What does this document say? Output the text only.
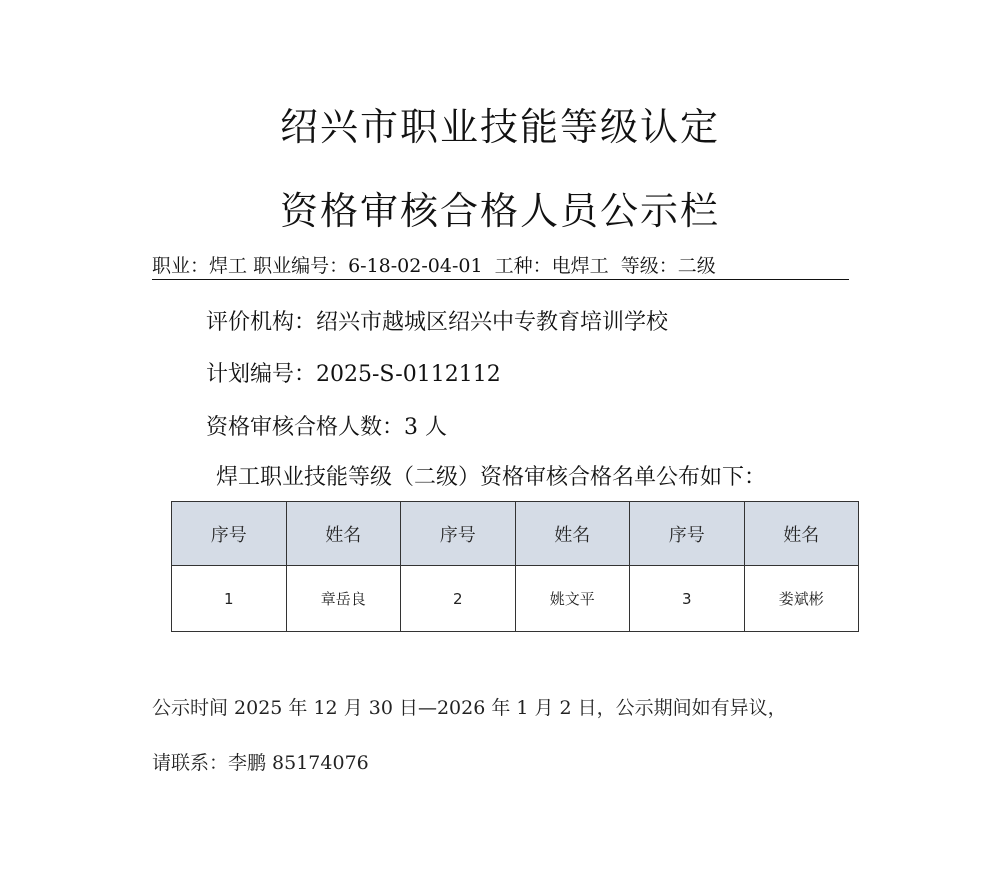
绍兴市职业技能等级认定
资格审核合格人员公示栏
职业：焊工 职业编号：6-18-02-04-01 工种：电焊工 等级：二级
评价机构：绍兴市越城区绍兴中专教育培训学校
计划编号：2025-S-0112112
资格审核合格人数：3 人
焊工职业技能等级（二级）资格审核合格名单公布如下：
序号	姓名	序号	姓名	序号	姓名
1	章岳良	2	姚文平	3	娄斌彬
公示时间 2025 年 12 月 30 日—2026 年 1 月 2 日，公示期间如有异议，
请联系：李鹏 85174076
